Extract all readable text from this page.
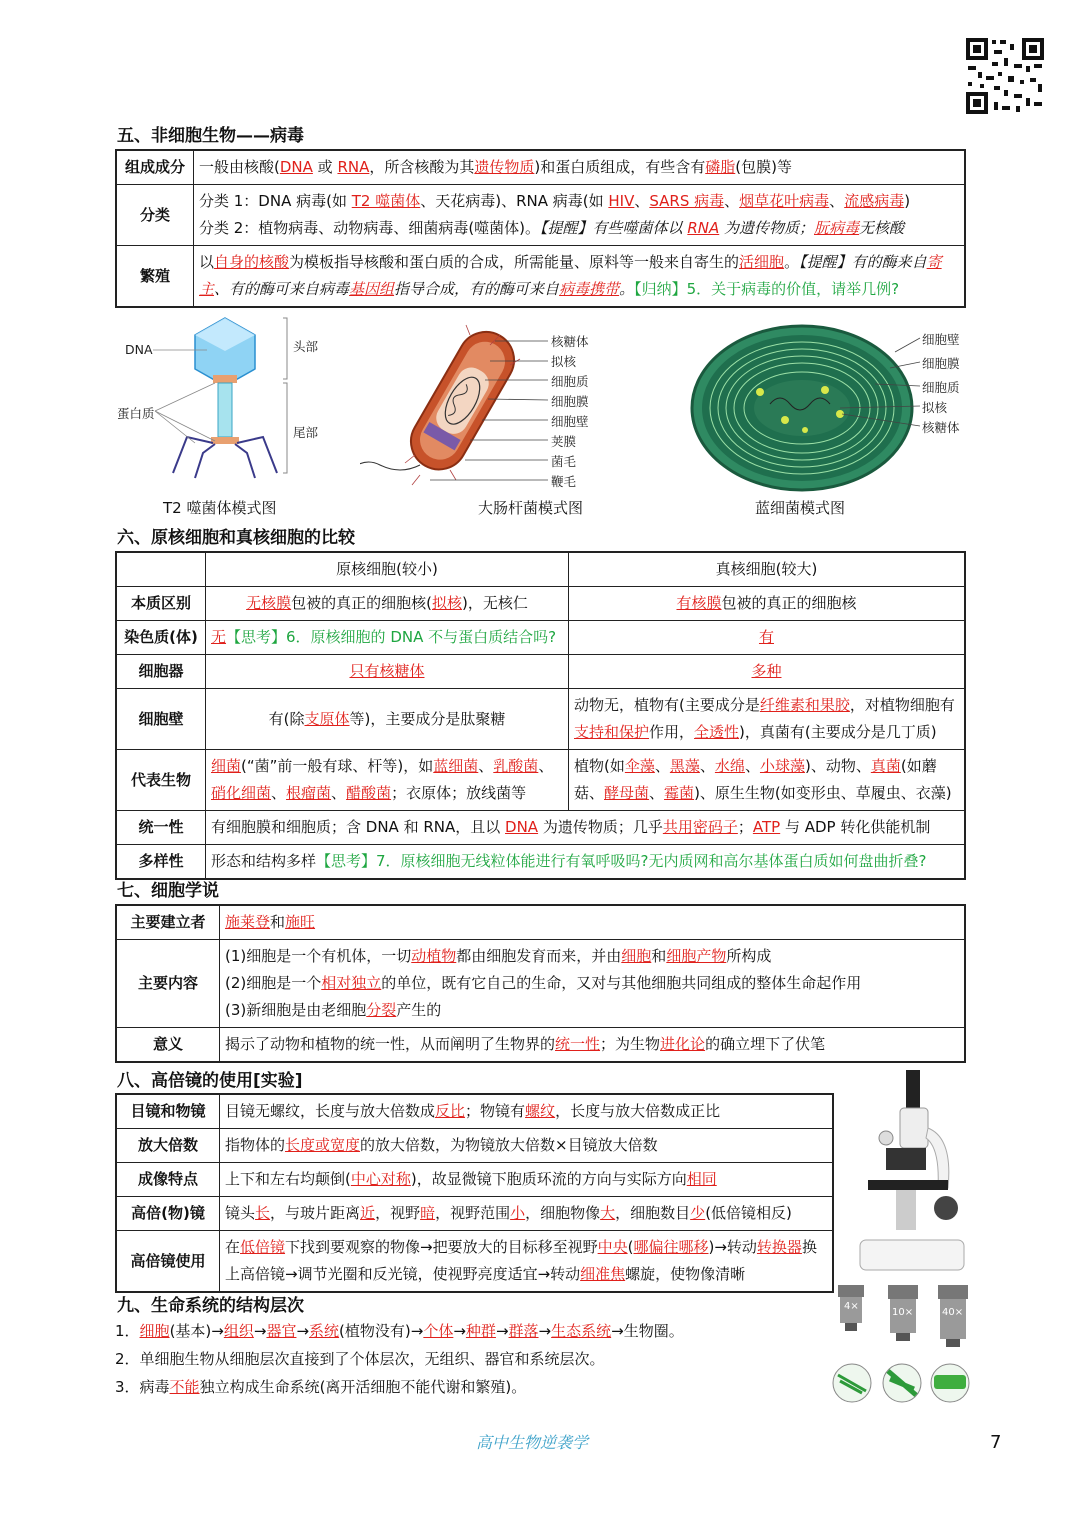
五、非细胞生物——病毒
组成成分	一般由核酸(DNA 或 RNA，所含核酸为其遗传物质)和蛋白质组成，有些含有磷脂(包膜)等
分类	分类 1：DNA 病毒(如 T2 噬菌体、天花病毒)、RNA 病毒(如 HIV、SARS 病毒、烟草花叶病毒、流感病毒)
分类 2：植物病毒、动物病毒、细菌病毒(噬菌体)。【提醒】有些噬菌体以 RNA 为遗传物质；朊病毒无核酸
繁殖	以自身的核酸为模板指导核酸和蛋白质的合成，所需能量、原料等一般来自寄生的活细胞。【提醒】有的酶来自寄主、有的酶可来自病毒基因组指导合成，有的酶可来自病毒携带。【归纳】5．关于病毒的价值，请举几例?
DNA
蛋白质
头部
尾部
T2 噬菌体模式图
核糖体
拟核
细胞质
细胞膜
细胞壁
荚膜
菌毛
鞭毛
大肠杆菌模式图
细胞壁
细胞膜
细胞质
拟核
核糖体
蓝细菌模式图
六、原核细胞和真核细胞的比较
	原核细胞(较小)	真核细胞(较大)
本质区别	无核膜包被的真正的细胞核(拟核)，无核仁	有核膜包被的真正的细胞核
染色质(体)	无【思考】6．原核细胞的 DNA 不与蛋白质结合吗?	有
细胞器	只有核糖体	多种
细胞壁	有(除支原体等)，主要成分是肽聚糖	动物无，植物有(主要成分是纤维素和果胶，对植物细胞有支持和保护作用，全透性)，真菌有(主要成分是几丁质)
代表生物	细菌(“菌”前一般有球、杆等)，如蓝细菌、乳酸菌、硝化细菌、根瘤菌、醋酸菌；衣原体；放线菌等	植物(如伞藻、黑藻、水绵、小球藻)、动物、真菌(如蘑菇、酵母菌、霉菌)、原生生物(如变形虫、草履虫、衣藻)
统一性	有细胞膜和细胞质；含 DNA 和 RNA，且以 DNA 为遗传物质；几乎共用密码子；ATP 与 ADP 转化供能机制	
多样性	形态和结构多样【思考】7．原核细胞无线粒体能进行有氧呼吸吗?无内质网和高尔基体蛋白质如何盘曲折叠?	
七、细胞学说
主要建立者	施莱登和施旺
主要内容	(1)细胞是一个有机体，一切动植物都由细胞发育而来，并由细胞和细胞产物所构成
(2)细胞是一个相对独立的单位，既有它自己的生命，又对与其他细胞共同组成的整体生命起作用
(3)新细胞是由老细胞分裂产生的
意义	揭示了动物和植物的统一性，从而阐明了生物界的统一性；为生物进化论的确立埋下了伏笔
八、高倍镜的使用[实验]
目镜和物镜	目镜无螺纹，长度与放大倍数成反比；物镜有螺纹，长度与放大倍数成正比
放大倍数	指物体的长度或宽度的放大倍数，为物镜放大倍数×目镜放大倍数
成像特点	上下和左右均颠倒(中心对称)，故显微镜下胞质环流的方向与实际方向相同
高倍(物)镜	镜头长，与玻片距离近，视野暗，视野范围小，细胞物像大，细胞数目少(低倍镜相反)
高倍镜使用	在低倍镜下找到要观察的物像→把要放大的目标移至视野中央(哪偏往哪移)→转动转换器换上高倍镜→调节光圈和反光镜，使视野亮度适宜→转动细准焦螺旋，使物像清晰
九、生命系统的结构层次
1．细胞(基本)→组织→器官→系统(植物没有)→个体→种群→群落→生态系统→生物圈。
2．单细胞生物从细胞层次直接到了个体层次，无组织、器官和系统层次。
3．病毒不能独立构成生命系统(离开活细胞不能代谢和繁殖)。
4×
10×	40×
高中生物逆袭学	7
